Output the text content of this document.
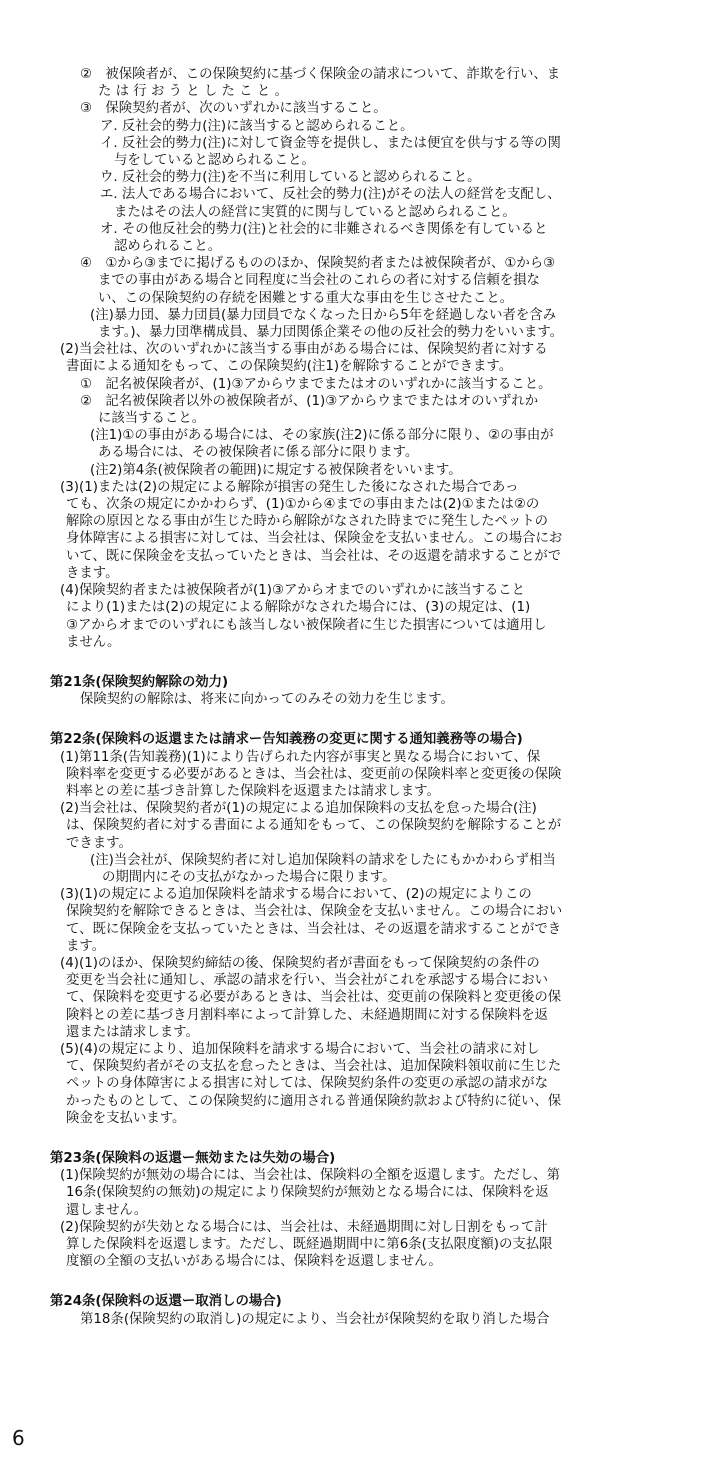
②　被保険者が、この保険契約に基づく保険金の請求について、詐欺を行い、ま
た は 行 お う と し た こ と 。
③　保険契約者が、次のいずれかに該当すること。
ア. 反社会的勢力(注)に該当すると認められること。
イ. 反社会的勢力(注)に対して資金等を提供し、または便宜を供与する等の関
与をしていると認められること。
ウ. 反社会的勢力(注)を不当に利用していると認められること。
エ. 法人である場合において、反社会的勢力(注)がその法人の経営を支配し、
またはその法人の経営に実質的に関与していると認められること。
オ. その他反社会的勢力(注)と社会的に非難されるべき関係を有していると
認められること。
④　①から③までに掲げるもののほか、保険契約者または被保険者が、①から③
までの事由がある場合と同程度に当会社のこれらの者に対する信頼を損な
い、この保険契約の存続を困難とする重大な事由を生じさせたこと。
(注)暴力団、暴力団員(暴力団員でなくなった日から5年を経過しない者を含み
ます。)、暴力団準構成員、暴力団関係企業その他の反社会的勢力をいいます。
(2)当会社は、次のいずれかに該当する事由がある場合には、保険契約者に対する
書面による通知をもって、この保険契約(注1)を解除することができます。
①　記名被保険者が、(1)③アからウまでまたはオのいずれかに該当すること。
②　記名被保険者以外の被保険者が、(1)③アからウまでまたはオのいずれか
に該当すること。
(注1)①の事由がある場合には、その家族(注2)に係る部分に限り、②の事由が
ある場合には、その被保険者に係る部分に限ります。
(注2)第4条(被保険者の範囲)に規定する被保険者をいいます。
(3)(1)または(2)の規定による解除が損害の発生した後になされた場合であっ
ても、次条の規定にかかわらず、(1)①から④までの事由または(2)①または②の
解除の原因となる事由が生じた時から解除がなされた時までに発生したペットの
身体障害による損害に対しては、当会社は、保険金を支払いません。この場合にお
いて、既に保険金を支払っていたときは、当会社は、その返還を請求することがで
きます。
(4)保険契約者または被保険者が(1)③アからオまでのいずれかに該当すること
により(1)または(2)の規定による解除がなされた場合には、(3)の規定は、(1)
③アからオまでのいずれにも該当しない被保険者に生じた損害については適用し
ません。
第21条(保険契約解除の効力)
保険契約の解除は、将来に向かってのみその効力を生じます。
第22条(保険料の返還または請求ー告知義務の変更に関する通知義務等の場合)
(1)第11条(告知義務)(1)により告げられた内容が事実と異なる場合において、保
険料率を変更する必要があるときは、当会社は、変更前の保険料率と変更後の保険
料率との差に基づき計算した保険料を返還または請求します。
(2)当会社は、保険契約者が(1)の規定による追加保険料の支払を怠った場合(注)
は、保険契約者に対する書面による通知をもって、この保険契約を解除することが
できます。
(注)当会社が、保険契約者に対し追加保険料の請求をしたにもかかわらず相当
の期間内にその支払がなかった場合に限ります。
(3)(1)の規定による追加保険料を請求する場合において、(2)の規定によりこの
保険契約を解除できるときは、当会社は、保険金を支払いません。この場合におい
て、既に保険金を支払っていたときは、当会社は、その返還を請求することができ
ます。
(4)(1)のほか、保険契約締結の後、保険契約者が書面をもって保険契約の条件の
変更を当会社に通知し、承認の請求を行い、当会社がこれを承認する場合におい
て、保険料を変更する必要があるときは、当会社は、変更前の保険料と変更後の保
険料との差に基づき月割料率によって計算した、未経過期間に対する保険料を返
還または請求します。
(5)(4)の規定により、追加保険料を請求する場合において、当会社の請求に対し
て、保険契約者がその支払を怠ったときは、当会社は、追加保険料領収前に生じた
ペットの身体障害による損害に対しては、保険契約条件の変更の承認の請求がな
かったものとして、この保険契約に適用される普通保険約款および特約に従い、保
険金を支払います。
第23条(保険料の返還ー無効または失効の場合)
(1)保険契約が無効の場合には、当会社は、保険料の全額を返還します。ただし、第
16条(保険契約の無効)の規定により保険契約が無効となる場合には、保険料を返
還しません。
(2)保険契約が失効となる場合には、当会社は、未経過期間に対し日割をもって計
算した保険料を返還します。ただし、既経過期間中に第6条(支払限度額)の支払限
度額の全額の支払いがある場合には、保険料を返還しません。
第24条(保険料の返還ー取消しの場合)
第18条(保険契約の取消し)の規定により、当会社が保険契約を取り消した場合
6
